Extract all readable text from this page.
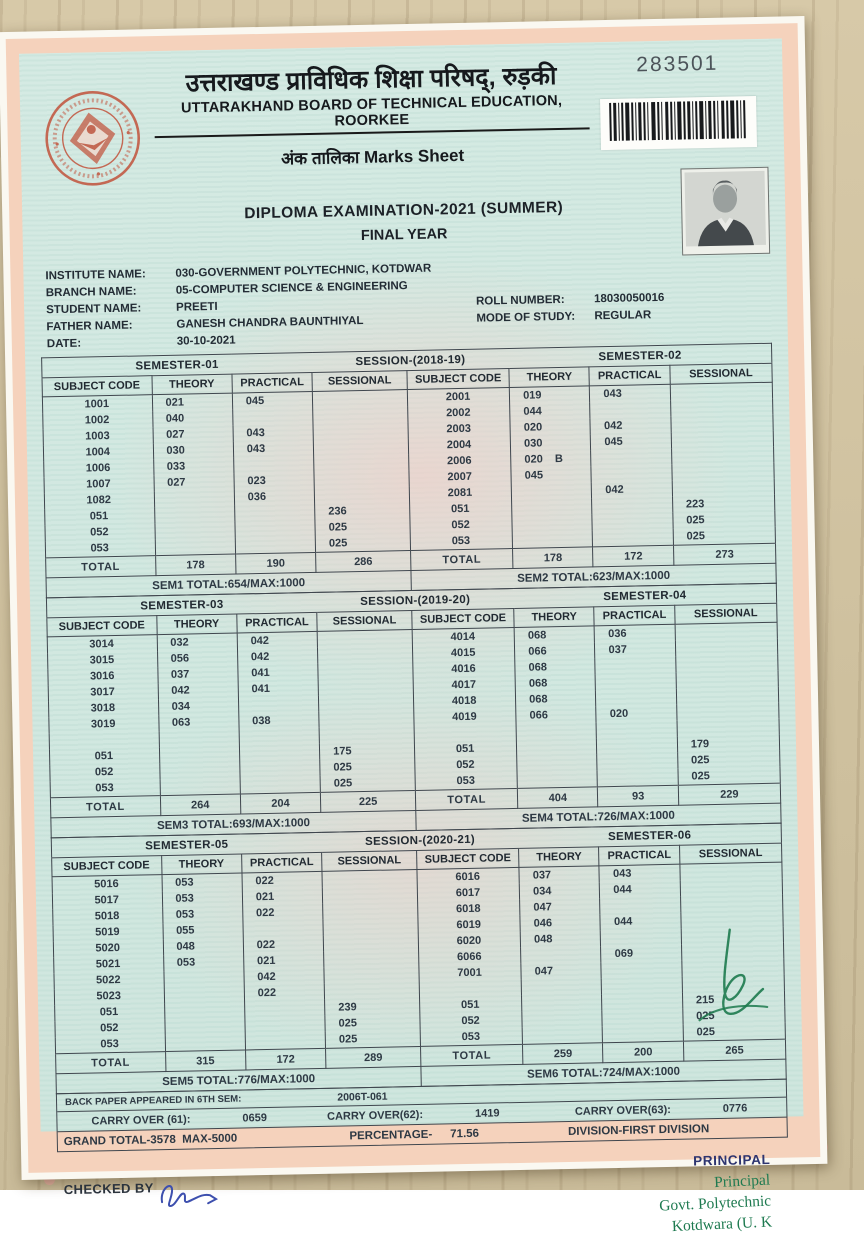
उत्तराखण्ड प्राविधिक शिक्षा परिषद्, रुड़की
UTTARAKHAND BOARD OF TECHNICAL EDUCATION, ROORKEE
अंक तालिका Marks Sheet
283501
DIPLOMA EXAMINATION-2021 (SUMMER)
FINAL YEAR
INSTITUTE NAME:	030-GOVERNMENT POLYTECHNIC, KOTDWAR
BRANCH NAME:	05-COMPUTER SCIENCE & ENGINEERING
STUDENT NAME:	PREETI
FATHER NAME:	GANESH CHANDRA BAUNTHIYAL
DATE:	30-10-2021
ROLL NUMBER:	18030050016
MODE OF STUDY:	REGULAR
SEMESTER-01			SESSION-(2018-19)		SEMESTER-02		
SUBJECT CODE	THEORY	PRACTICAL	SESSIONAL	SUBJECT CODE	THEORY	PRACTICAL	SESSIONAL
1001	021	045		2001	019	043	
1002	040			2002	044		
1003	027	043		2003	020	042	
1004	030	043		2004	030	045	
1006	033			2006	020    B		
1007	027	023		2007	045		
1082		036		2081		042	
051			236	051			223
052			025	052			025
053			025	053			025
TOTAL	178	190	286	TOTAL	178	172	273
SEM1 TOTAL:654/MAX:1000				SEM2 TOTAL:623/MAX:1000			
SEMESTER-03			SESSION-(2019-20)		SEMESTER-04		
SUBJECT CODE	THEORY	PRACTICAL	SESSIONAL	SUBJECT CODE	THEORY	PRACTICAL	SESSIONAL
3014	032	042		4014	068	036	
3015	056	042		4015	066	037	
3016	037	041		4016	068		
3017	042	041		4017	068		
3018	034			4018	068		
3019	063	038		4019	066	020	

051			175	051			179
052			025	052			025
053			025	053			025
TOTAL	264	204	225	TOTAL	404	93	229
SEM3 TOTAL:693/MAX:1000				SEM4 TOTAL:726/MAX:1000			
SEMESTER-05			SESSION-(2020-21)		SEMESTER-06		
SUBJECT CODE	THEORY	PRACTICAL	SESSIONAL	SUBJECT CODE	THEORY	PRACTICAL	SESSIONAL
5016	053	022		6016	037	043	
5017	053	021		6017	034	044	
5018	053	022		6018	047		
5019	055			6019	046	044	
5020	048	022		6020	048		
5021	053	021		6066		069	
5022		042		7001	047		
5023		022					
051			239	051			215
052			025	052			025
053			025	053			025
TOTAL	315	172	289	TOTAL	259	200	265
SEM5 TOTAL:776/MAX:1000				SEM6 TOTAL:724/MAX:1000			
BACK PAPER APPEARED IN 6TH SEM:	2006T-061
CARRY OVER (61):	0659	CARRY OVER(62):	1419	CARRY OVER(63):	0776
GRAND TOTAL-3578  MAX-5000	PERCENTAGE- 71.56	DIVISION-FIRST DIVISION
CHECKED BY
PRINCIPAL
Principal
Govt. Polytechnic
Kotdwara (U. K
